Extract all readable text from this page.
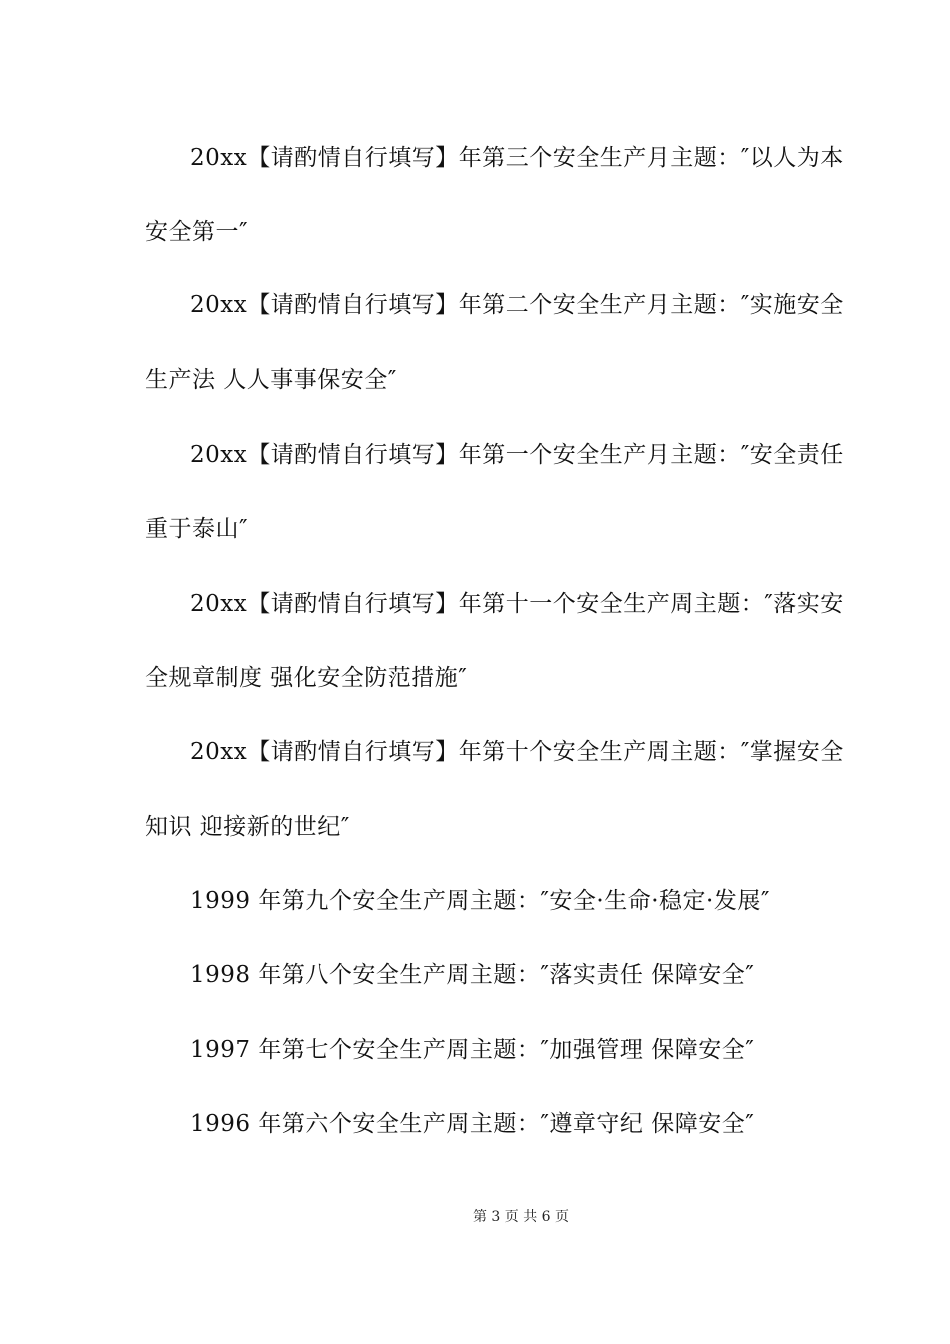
20xx【请酌情自行填写】年第三个安全生产月主题：″以人为本
安全第一″
20xx【请酌情自行填写】年第二个安全生产月主题：″实施安全
生产法 人人事事保安全″
20xx【请酌情自行填写】年第一个安全生产月主题：″安全责任
重于泰山″
20xx【请酌情自行填写】年第十一个安全生产周主题：″落实安
全规章制度 强化安全防范措施″
20xx【请酌情自行填写】年第十个安全生产周主题：″掌握安全
知识 迎接新的世纪″
1999 年第九个安全生产周主题：″安全·生命·稳定·发展″
1998 年第八个安全生产周主题：″落实责任 保障安全″
1997 年第七个安全生产周主题：″加强管理 保障安全″
1996 年第六个安全生产周主题：″遵章守纪 保障安全″
第 3 页 共 6 页
